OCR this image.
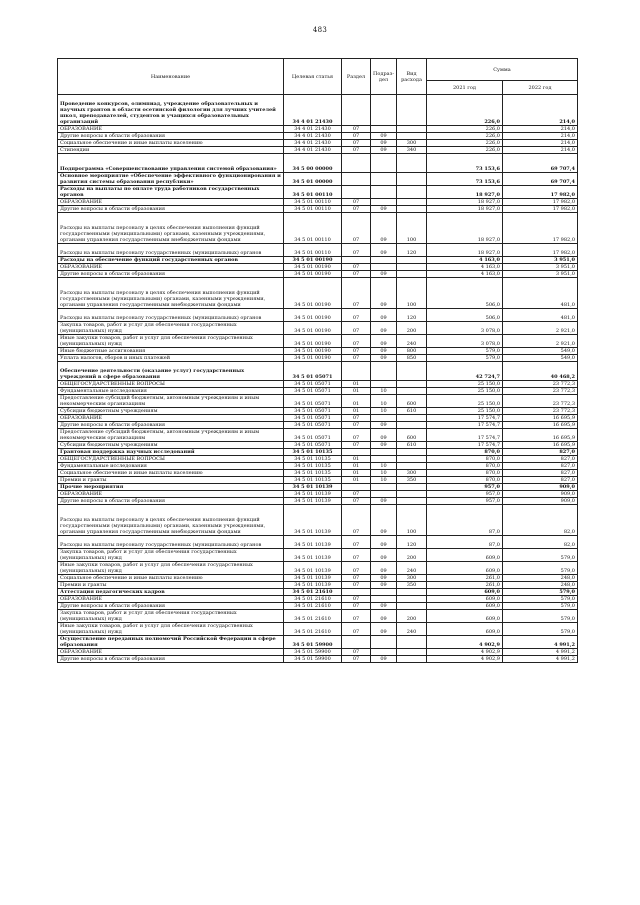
483
Наименование	Целевая статья	Раздел	Подраз-дел	Вид расхода	Сумма	
					2021 год	2022 год
Проведение конкурсов, олимпиад, учреждение образовательных и научных грантов в области осетинской филологии для лучших учителей школ, преподавателей, студентов и учащихся образовательных организаций	34 4 01 21430				226,0	214,0
ОБРАЗОВАНИЕ	34 4 01 21430	07			226,0	214,0
Другие вопросы в области образования	34 4 01 21430	07	09		226,0	214,0
Социальное обеспечение и иные выплаты населению	34 4 01 21430	07	09	300	226,0	214,0
Стипендии	34 4 01 21430	07	09	340	226,0	214,0
Подпрограмма «Совершенствование управления системой образования»	34 5 00 00000				73 153,6	69 707,4
Основное мероприятие «Обеспечение эффективного функционирования и развития системы образования республики»	34 5 01 00000				73 153,6	69 707,4
Расходы на выплаты по оплате труда работников государственных органов	34 5 01 00110				18 927,0	17 982,0
ОБРАЗОВАНИЕ	34 5 01 00110	07			18 927,0	17 982,0
Другие вопросы в области образования	34 5 01 00110	07	09		18 927,0	17 982,0
Расходы на выплаты персоналу в целях обеспечения выполнения функций государственными (муниципальными) органами, казенными учреждениями, органами управления государственными внебюджетными фондами	34 5 01 00110	07	09	100	18 927,0	17 982,0
Расходы на выплаты персоналу государственных (муниципальных) органов	34 5 01 00110	07	09	120	18 927,0	17 982,0
Расходы на обеспечение функций государственных органов	34 5 01 00190				4 163,0	3 951,0
ОБРАЗОВАНИЕ	34 5 01 00190	07			4 163,0	3 951,0
Другие вопросы в области образования	34 5 01 00190	07	09		4 163,0	3 951,0
Расходы на выплаты персоналу в целях обеспечения выполнения функций государственными (муниципальными) органами, казенными учреждениями, органами управления государственными внебюджетными фондами	34 5 01 00190	07	09	100	506,0	481,0
Расходы на выплаты персоналу государственных (муниципальных) органов	34 5 01 00190	07	09	120	506,0	481,0
Закупка товаров, работ и услуг для обеспечения государственных (муниципальных) нужд	34 5 01 00190	07	09	200	3 078,0	2 921,0
Иные закупки товаров, работ и услуг для обеспечения государственных (муниципальных) нужд	34 5 01 00190	07	09	240	3 078,0	2 921,0
Иные бюджетные ассигнования	34 5 01 00190	07	09	800	579,0	549,0
Уплата налогов, сборов и иных платежей	34 5 01 00190	07	09	850	579,0	549,0
Обеспечение деятельности (оказание услуг) государственных учреждений в сфере образования	34 5 01 05071				42 724,7	40 468,2
ОБЩЕГОСУДАРСТВЕННЫЕ ВОПРОСЫ	34 5 01 05071	01			25 150,0	23 772,3
Фундаментальные исследования	34 5 01 05071	01	10		25 150,0	23 772,3
Предоставление субсидий бюджетным, автономным учреждениям и иным некоммерческим организациям	34 5 01 05071	01	10	600	25 150,0	23 772,3
Субсидии бюджетным учреждениям	34 5 01 05071	01	10	610	25 150,0	23 772,3
ОБРАЗОВАНИЕ	34 5 01 05071	07			17 574,7	16 695,9
Другие вопросы в области образования	34 5 01 05071	07	09		17 574,7	16 695,9
Предоставление субсидий бюджетным, автономным учреждениям и иным некоммерческим организациям	34 5 01 05071	07	09	600	17 574,7	16 695,9
Субсидии бюджетным учреждениям	34 5 01 05071	07	09	610	17 574,7	16 695,9
Грантовая поддержка научных исследований	34 5 01 10135				870,0	827,0
ОБЩЕГОСУДАРСТВЕННЫЕ ВОПРОСЫ	34 5 01 10135	01			870,0	827,0
Фундаментальные исследования	34 5 01 10135	01	10		870,0	827,0
Социальное обеспечение и иные выплаты населению	34 5 01 10135	01	10	300	870,0	827,0
Премии и гранты	34 5 01 10135	01	10	350	870,0	827,0
Прочие мероприятия	34 5 01 10139				957,0	909,0
ОБРАЗОВАНИЕ	34 5 01 10139	07			957,0	909,0
Другие вопросы в области образования	34 5 01 10139	07	09		957,0	909,0
Расходы на выплаты персоналу в целях обеспечения выполнения функций государственными (муниципальными) органами, казенными учреждениями, органами управления государственными внебюджетными фондами	34 5 01 10139	07	09	100	87,0	82,0
Расходы на выплаты персоналу государственных (муниципальных) органов	34 5 01 10139	07	09	120	87,0	82,0
Закупка товаров, работ и услуг для обеспечения государственных (муниципальных) нужд	34 5 01 10139	07	09	200	609,0	579,0
Иные закупки товаров, работ и услуг для обеспечения государственных (муниципальных) нужд	34 5 01 10139	07	09	240	609,0	579,0
Социальное обеспечение и иные выплаты населению	34 5 01 10139	07	09	300	261,0	248,0
Премии и гранты	34 5 01 10139	07	09	350	261,0	248,0
Аттестация педагогических кадров	34 5 01 21610				609,0	579,0
ОБРАЗОВАНИЕ	34 5 01 21610	07			609,0	579,0
Другие вопросы в области образования	34 5 01 21610	07	09		609,0	579,0
Закупка товаров, работ и услуг для обеспечения государственных (муниципальных) нужд	34 5 01 21610	07	09	200	609,0	579,0
Иные закупки товаров, работ и услуг для обеспечения государственных (муниципальных) нужд	34 5 01 21610	07	09	240	609,0	579,0
Осуществление переданных полномочий Российской Федерации в сфере образования	34 5 01 59900				4 902,9	4 991,2
ОБРАЗОВАНИЕ	34 5 01 59900	07			4 902,9	4 991,2
Другие вопросы в области образования	34 5 01 59900	07	09		4 902,9	4 991,2
